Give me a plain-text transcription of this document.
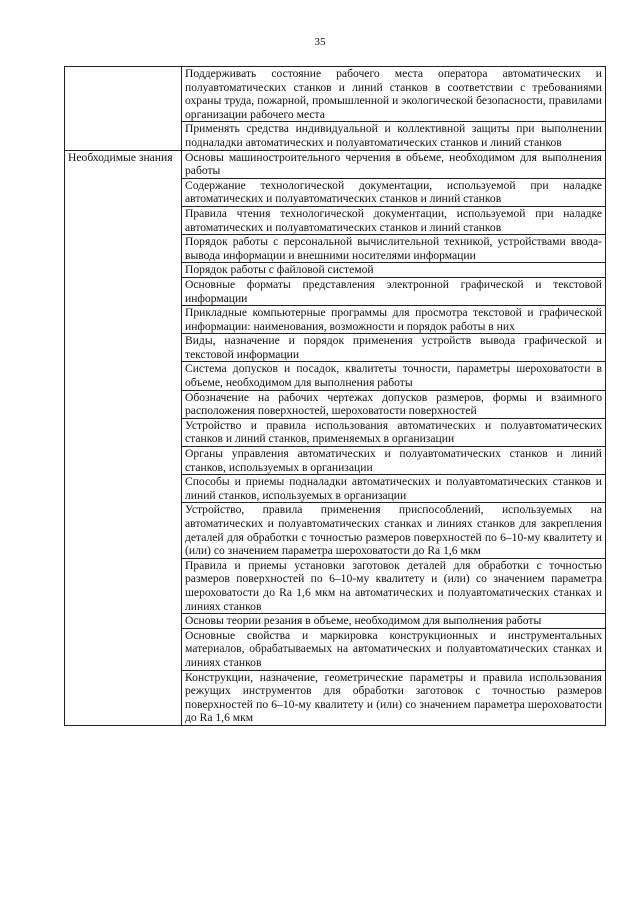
35
	Поддерживать состояние рабочего места оператора автоматических и полуавтоматических станков и линий станков в соответствии с требованиями охраны труда, пожарной, промышленной и экологической безопасности, правилами организации рабочего места
	Применять средства индивидуальной и коллективной защиты при выполнении подналадки автоматических и полуавтоматических станков и линий станков
Необходимые знания	Основы машиностроительного черчения в объеме, необходимом для выполнения работы
	Содержание технологической документации, используемой при наладке автоматических и полуавтоматических станков и линий станков
	Правила чтения технологической документации, используемой при наладке автоматических и полуавтоматических станков и линий станков
	Порядок работы с персональной вычислительной техникой, устройствами ввода-вывода информации и внешними носителями информации
	Порядок работы с файловой системой
	Основные форматы представления электронной графической и текстовой информации
	Прикладные компьютерные программы для просмотра текстовой и графической информации: наименования, возможности и порядок работы в них
	Виды, назначение и порядок применения устройств вывода графической и текстовой информации
	Система допусков и посадок, квалитеты точности, параметры шероховатости в объеме, необходимом для выполнения работы
	Обозначение на рабочих чертежах допусков размеров, формы и взаимного расположения поверхностей, шероховатости поверхностей
	Устройство и правила использования автоматических и полуавтоматических станков и линий станков, применяемых в организации
	Органы управления автоматических и полуавтоматических станков и линий станков, используемых в организации
	Способы и приемы подналадки автоматических и полуавтоматических станков и линий станков, используемых в организации
	Устройство, правила применения приспособлений, используемых на автоматических и полуавтоматических станках и линиях станков для закрепления деталей для обработки с точностью размеров поверхностей по 6–10-му квалитету и (или) со значением параметра шероховатости до Ra 1,6 мкм
	Правила и приемы установки заготовок деталей для обработки с точностью размеров поверхностей по 6–10-му квалитету и (или) со значением параметра шероховатости до Ra 1,6 мкм на автоматических и полуавтоматических станках и линиях станков
	Основы теории резания в объеме, необходимом для выполнения работы
	Основные свойства и маркировка конструкционных и инструментальных материалов, обрабатываемых на автоматических и полуавтоматических станках и линиях станков
	Конструкции, назначение, геометрические параметры и правила использования режущих инструментов для обработки заготовок с точностью размеров поверхностей по 6–10-му квалитету и (или) со значением параметра шероховатости до Ra 1,6 мкм
